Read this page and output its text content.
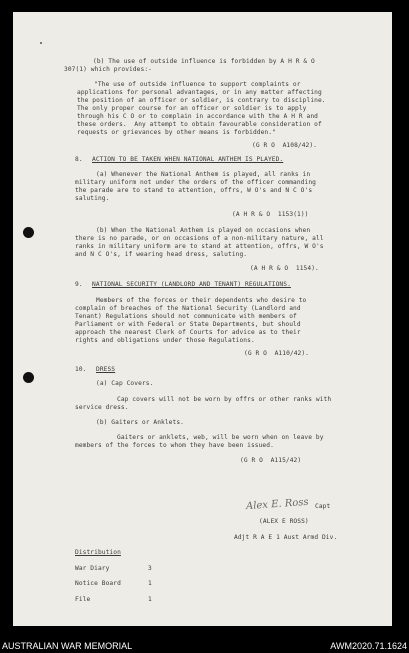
(b) The use of outside influence is forbidden by A H R & O
307(1) which provides:-
"The use of outside influence to support complaints or
applications for personal advantages, or in any matter affecting
the position of an officer or soldier, is contrary to discipline.
The only proper course for an officer or soldier is to apply
through his C O or to complain in accordance with the A H R and
these orders.  Any attempt to obtain favourable consideration of
requests or grievances by other means is forbidden."
(G R O  A108/42).
8. ACTION TO BE TAKEN WHEN NATIONAL ANTHEM IS PLAYED.
(a) Whenever the National Anthem is played, all ranks in
military uniform not under the orders of the officer commanding
the parade are to stand to attention, offrs, W O's and N C O's
saluting.
(A H R & O  1153(1))
(b) When the National Anthem is played on occasions when
there is no parade, or on occasions of a non-military nature, all
ranks in military uniform are to stand at attention, offrs, W O's
and N C O's, if wearing head dress, saluting.
(A H R & O  1154).
9. NATIONAL SECURITY (LANDLORD AND TENANT) REGULATIONS.
Members of the forces or their dependents who desire to
complain of breaches of the National Security (Landlord and
Tenant) Regulations should not communicate with members of
Parliament or with Federal or State Departments, but should
approach the nearest Clerk of Courts for advice as to their
rights and obligations under those Regulations.
(G R O  A110/42).
10. DRESS
(a) Cap Covers.
Cap covers will not be worn by offrs or other ranks with
service dress.
(b) Gaiters or Anklets.
Gaiters or anklets, web, will be worn when on leave by
members of the forces to whom they have been issued.
(G R O  A115/42)
Alex E. Ross Capt
(ALEX E ROSS)
Adjt R A E 1 Aust Armd Div.
Distribution
War Diary	3
Notice Board	1
File	1
AUSTRALIAN WAR MEMORIAL	AWM2020.71.1624
